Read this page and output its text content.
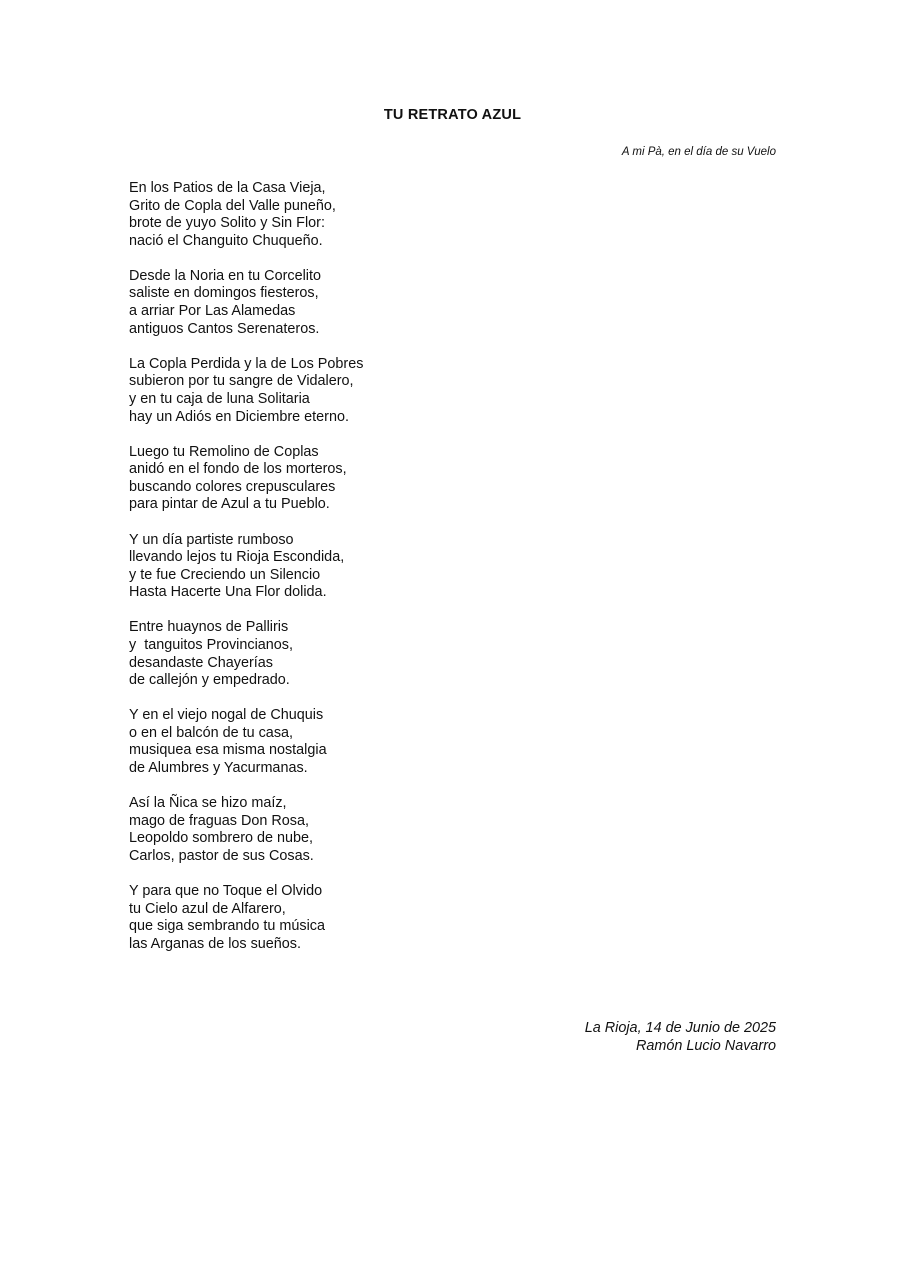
TU RETRATO AZUL
A mi Pà, en el día de su Vuelo
En los Patios de la Casa Vieja,
Grito de Copla del Valle puneño,
brote de yuyo Solito y Sin Flor:
nació el Changuito Chuqueño.
Desde la Noria en tu Corcelito
saliste en domingos fiesteros,
a arriar Por Las Alamedas
antiguos Cantos Serenateros.
La Copla Perdida y la de Los Pobres
subieron por tu sangre de Vidalero,
y en tu caja de luna Solitaria
hay un Adiós en Diciembre eterno.
Luego tu Remolino de Coplas
anidó en el fondo de los morteros,
buscando colores crepusculares
para pintar de Azul a tu Pueblo.
Y un día partiste rumboso
llevando lejos tu Rioja Escondida,
y te fue Creciendo un Silencio
Hasta Hacerte Una Flor dolida.
Entre huaynos de Palliris
y  tanguitos Provincianos,
desandaste Chayerías
de callejón y empedrado.
Y en el viejo nogal de Chuquis
o en el balcón de tu casa,
musiquea esa misma nostalgia
de Alumbres y Yacurmanas.
Así la Ñica se hizo maíz,
mago de fraguas Don Rosa,
Leopoldo sombrero de nube,
Carlos, pastor de sus Cosas.
Y para que no Toque el Olvido
tu Cielo azul de Alfarero,
que siga sembrando tu música
las Arganas de los sueños.
La Rioja, 14 de Junio de 2025
Ramón Lucio Navarro
